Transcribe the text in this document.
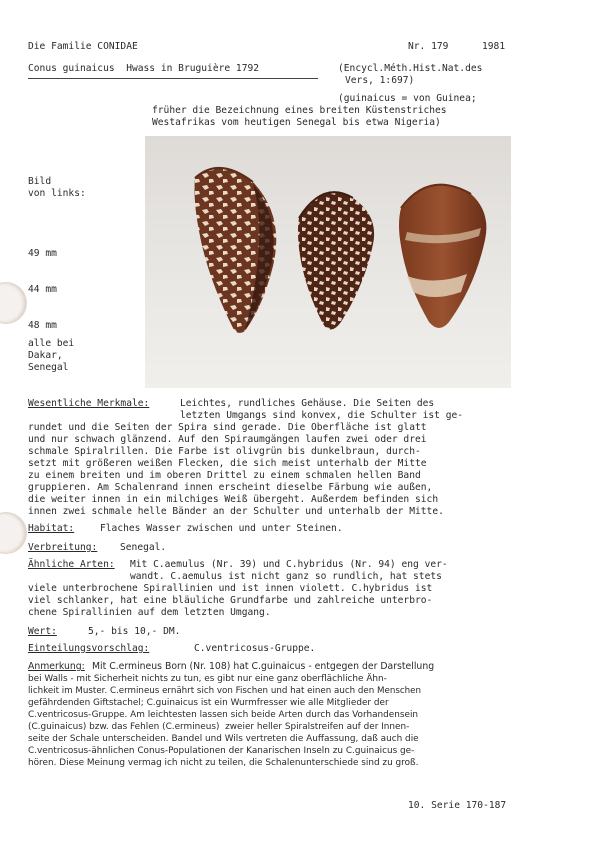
Die Familie CONIDAE	Nr. 179	1981
Conus guinaicus  Hwass in Bruguière 1792	(Encycl.Méth.Hist.Nat.des
Vers, 1:697)
(guinaicus = von Guinea;
früher die Bezeichnung eines breiten Küstenstriches
Westafrikas vom heutigen Senegal bis etwa Nigeria)
Bild
von links:
49 mm
44 mm
48 mm
alle bei
Dakar,
Senegal
Wesentliche Merkmale:	Leichtes, rundliches Gehäuse. Die Seiten des
letzten Umgangs sind konvex, die Schulter ist ge-
rundet und die Seiten der Spira sind gerade. Die Oberfläche ist glatt
und nur schwach glänzend. Auf den Spiraumgängen laufen zwei oder drei
schmale Spiralrillen. Die Farbe ist olivgrün bis dunkelbraun, durch-
setzt mit größeren weißen Flecken, die sich meist unterhalb der Mitte
zu einem breiten und im oberen Drittel zu einem schmalen hellen Band
gruppieren. Am Schalenrand innen erscheint dieselbe Färbung wie außen,
die weiter innen in ein milchiges Weiß übergeht. Außerdem befinden sich
innen zwei schmale helle Bänder an der Schulter und unterhalb der Mitte.
Habitat:	Flaches Wasser zwischen und unter Steinen.
Verbreitung: Senegal.
Ähnliche Arten: Mit C.aemulus (Nr. 39) und C.hybridus (Nr. 94) eng ver-
wandt. C.aemulus ist nicht ganz so rundlich, hat stets
viele unterbrochene Spirallinien und ist innen violett. C.hybridus ist
viel schlanker, hat eine bläuliche Grundfarbe und zahlreiche unterbro-
chene Spirallinien auf dem letzten Umgang.
Wert:	5,- bis 10,- DM.
Einteilungsvorschlag:	C.ventricosus-Gruppe.
Anmerkung: Mit C.ermineus Born (Nr. 108) hat C.guinaicus - entgegen der Darstellung
bei Walls - mit Sicherheit nichts zu tun, es gibt nur eine ganz oberflächliche Ähn-
lichkeit im Muster. C.ermineus ernährt sich von Fischen und hat einen auch den Menschen
gefährdenden Giftstachel; C.guinaicus ist ein Wurmfresser wie alle Mitglieder der
C.ventricosus-Gruppe. Am leichtesten lassen sich beide Arten durch das Vorhandensein
(C.guinaicus) bzw. das Fehlen (C.ermineus)  zweier heller Spiralstreifen auf der Innen-
seite der Schale unterscheiden. Bandel und Wils vertreten die Auffassung, daß auch die
C.ventricosus-ähnlichen Conus-Populationen der Kanarischen Inseln zu C.guinaicus ge-
hören. Diese Meinung vermag ich nicht zu teilen, die Schalenunterschiede sind zu groß.
10. Serie 170-187
